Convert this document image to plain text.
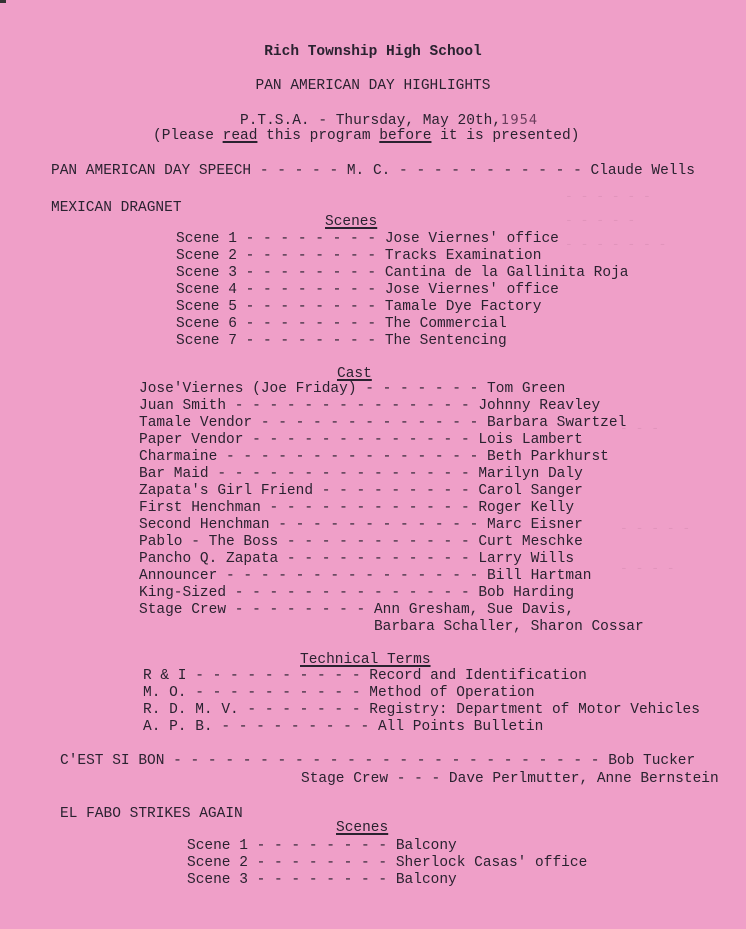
- - - - - -
- - - - -
- - - - - - -
- - -
- - - - -
- - - -
Rich Township High School
PAN AMERICAN DAY HIGHLIGHTS
P.T.S.A. - Thursday, May 20th,1954
(Please read this program before it is presented)
PAN AMERICAN DAY SPEECH - - - - - M. C. - - - - - - - - - - - Claude Wells
MEXICAN DRAGNET
Scenes
Scene 1 - - - - - - - - Jose Viernes' office
Scene 2 - - - - - - - - Tracks Examination
Scene 3 - - - - - - - - Cantina de la Gallinita Roja
Scene 4 - - - - - - - - Jose Viernes' office
Scene 5 - - - - - - - - Tamale Dye Factory
Scene 6 - - - - - - - - The Commercial
Scene 7 - - - - - - - - The Sentencing
Cast
Jose'Viernes (Joe Friday) - - - - - - - Tom Green
Juan Smith - - - - - - - - - - - - - - Johnny Reavley
Tamale Vendor - - - - - - - - - - - - - Barbara Swartzel
Paper Vendor - - - - - - - - - - - - - Lois Lambert
Charmaine - - - - - - - - - - - - - - - Beth Parkhurst
Bar Maid - - - - - - - - - - - - - - - Marilyn Daly
Zapata's Girl Friend - - - - - - - - - Carol Sanger
First Henchman - - - - - - - - - - - - Roger Kelly
Second Henchman - - - - - - - - - - - - Marc Eisner
Pablo - The Boss - - - - - - - - - - - Curt Meschke
Pancho Q. Zapata - - - - - - - - - - - Larry Wills
Announcer - - - - - - - - - - - - - - - Bill Hartman
King-Sized - - - - - - - - - - - - - - Bob Harding
Stage Crew - - - - - - - - Ann Gresham, Sue Davis,
Barbara Schaller, Sharon Cossar
Technical Terms
R & I - - - - - - - - - - Record and Identification
M. O. - - - - - - - - - - Method of Operation
R. D. M. V. - - - - - - - Registry: Department of Motor Vehicles
A. P. B. - - - - - - - - - All Points Bulletin
C'EST SI BON - - - - - - - - - - - - - - - - - - - - - - - - - Bob Tucker
Stage Crew - - - Dave Perlmutter, Anne Bernstein
EL FABO STRIKES AGAIN
Scenes
Scene 1 - - - - - - - - Balcony
Scene 2 - - - - - - - - Sherlock Casas' office
Scene 3 - - - - - - - - Balcony
